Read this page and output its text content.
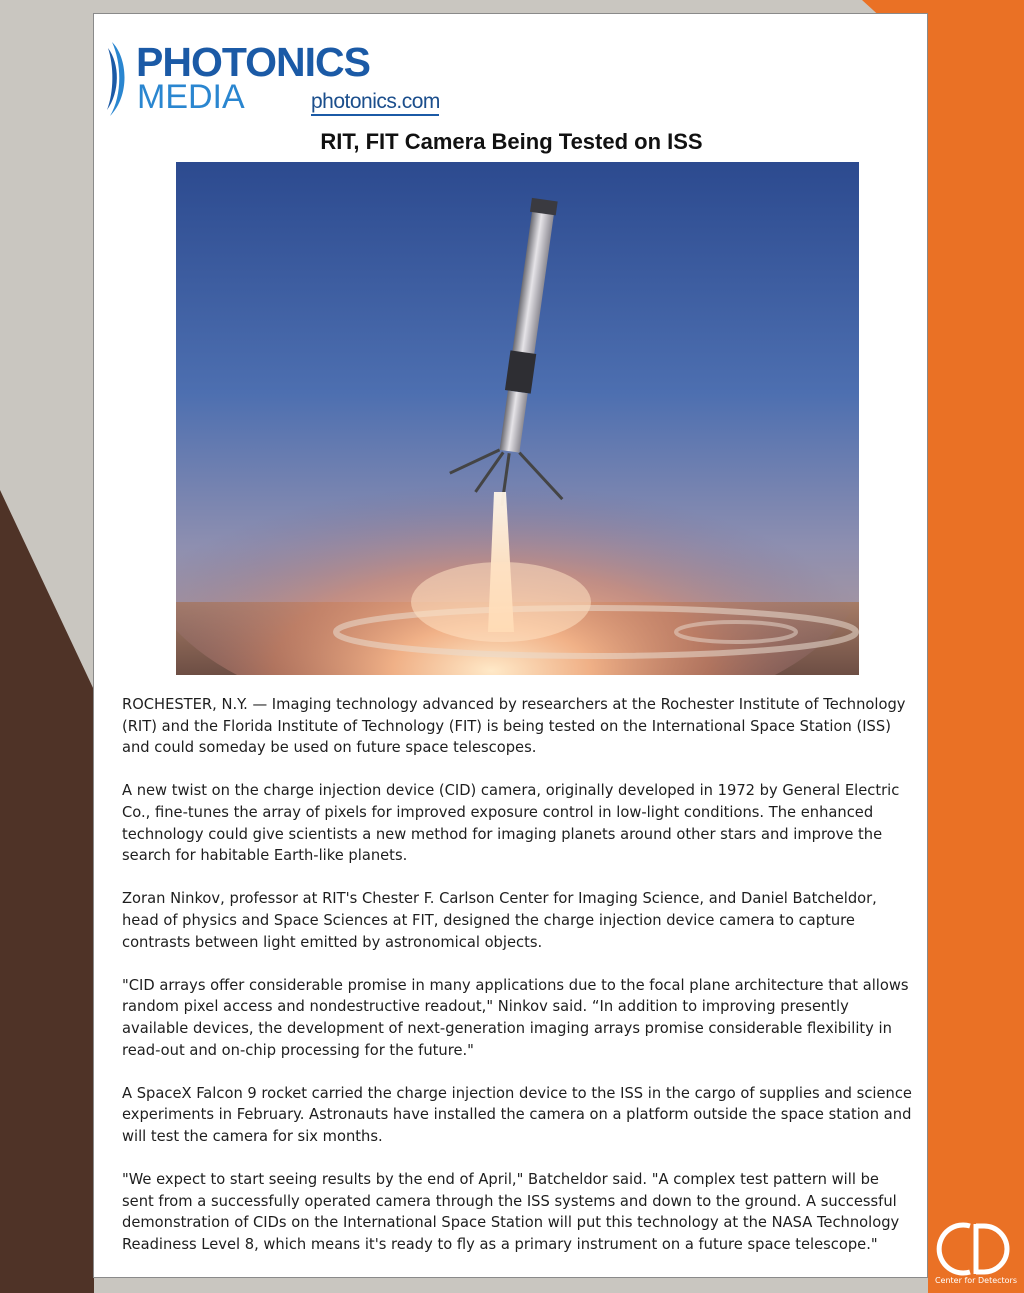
PHOTONICS
MEDIA	photonics.com
RIT, FIT Camera Being Tested on ISS

ROCHESTER, N.Y. — Imaging technology advanced by researchers at the Rochester Institute of Technology (RIT) and the Florida Institute of Technology (FIT) is being tested on the International Space Station (ISS) and could someday be used on future space telescopes.

A new twist on the charge injection device (CID) camera, originally developed in 1972 by General Electric Co., fine-tunes the array of pixels for improved exposure control in low-light conditions. The enhanced technology could give scientists a new method for imaging planets around other stars and improve the search for habitable Earth-like planets.

Zoran Ninkov, professor at RIT's Chester F. Carlson Center for Imaging Science, and Daniel Batcheldor, head of physics and Space Sciences at FIT, designed the charge injection device camera to capture contrasts between light emitted by astronomical objects.

"CID arrays offer considerable promise in many applications due to the focal plane architecture that allows random pixel access and nondestructive readout," Ninkov said. “In addition to improving presently available devices, the development of next-generation imaging arrays promise considerable flexibility in read-out and on-chip processing for the future."

A SpaceX Falcon 9 rocket carried the charge injection device to the ISS in the cargo of supplies and science experiments in February. Astronauts have installed the camera on a platform outside the space station and will test the camera for six months.

"We expect to start seeing results by the end of April," Batcheldor said. "A complex test pattern will be sent from a successfully operated camera through the ISS systems and down to the ground. A successful demonstration of CIDs on the International Space Station will put this technology at the NASA Technology Readiness Level 8, which means it's ready to fly as a primary instrument on a future space telescope."

Center for Detectors
